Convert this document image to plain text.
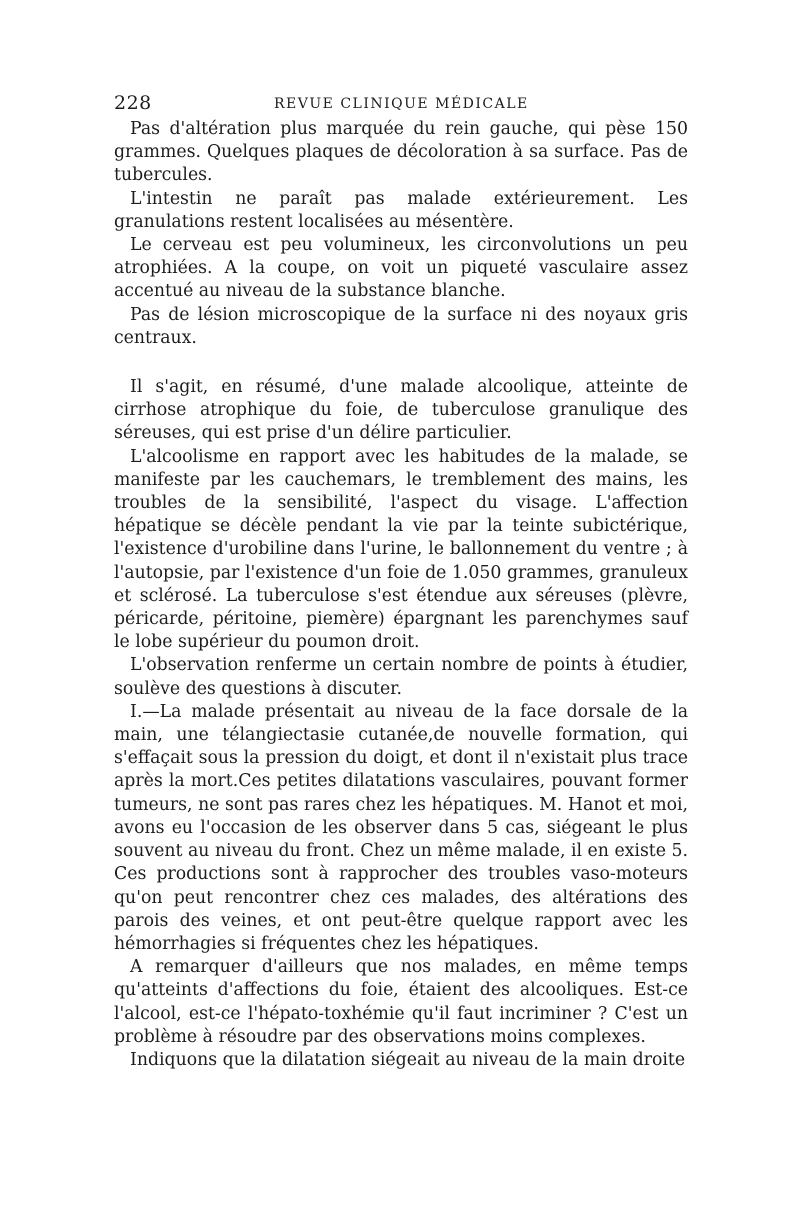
228	REVUE CLINIQUE MÉDICALE

Pas d'altération plus marquée du rein gauche, qui pèse 150 grammes. Quelques plaques de décoloration à sa surface. Pas de tubercules.

L'intestin ne paraît pas malade extérieurement. Les granulations restent localisées au mésentère.

Le cerveau est peu volumineux, les circonvolutions un peu atrophiées. A la coupe, on voit un piqueté vasculaire assez accentué au niveau de la substance blanche.

Pas de lésion microscopique de la surface ni des noyaux gris centraux.

Il s'agit, en résumé, d'une malade alcoolique, atteinte de cirrhose atrophique du foie, de tuberculose granulique des séreuses, qui est prise d'un délire particulier.

L'alcoolisme en rapport avec les habitudes de la malade, se manifeste par les cauchemars, le tremblement des mains, les troubles de la sensibilité, l'aspect du visage. L'affection hépatique se décèle pendant la vie par la teinte subictérique, l'existence d'urobiline dans l'urine, le ballonnement du ventre ; à l'autopsie, par l'existence d'un foie de 1.050 grammes, granuleux et sclérosé. La tuberculose s'est étendue aux séreuses (plèvre, péricarde, péritoine, piemère) épargnant les parenchymes sauf le lobe supérieur du poumon droit.

L'observation renferme un certain nombre de points à étudier, soulève des questions à discuter.

I.—La malade présentait au niveau de la face dorsale de la main, une télangiectasie cutanée,de nouvelle formation, qui s'effaçait sous la pression du doigt, et dont il n'existait plus trace après la mort.Ces petites dilatations vasculaires, pouvant former tumeurs, ne sont pas rares chez les hépatiques. M. Hanot et moi, avons eu l'occasion de les observer dans 5 cas, siégeant le plus souvent au niveau du front. Chez un même malade, il en existe 5. Ces productions sont à rapprocher des troubles vaso-moteurs qu'on peut rencontrer chez ces malades, des altérations des parois des veines, et ont peut-être quelque rapport avec les hémorrhagies si fréquentes chez les hépatiques.

A remarquer d'ailleurs que nos malades, en même temps qu'atteints d'affections du foie, étaient des alcooliques. Est-ce l'alcool, est-ce l'hépato-toxhémie qu'il faut incriminer ? C'est un problème à résoudre par des observations moins complexes.

Indiquons que la dilatation siégeait au niveau de la main droite
